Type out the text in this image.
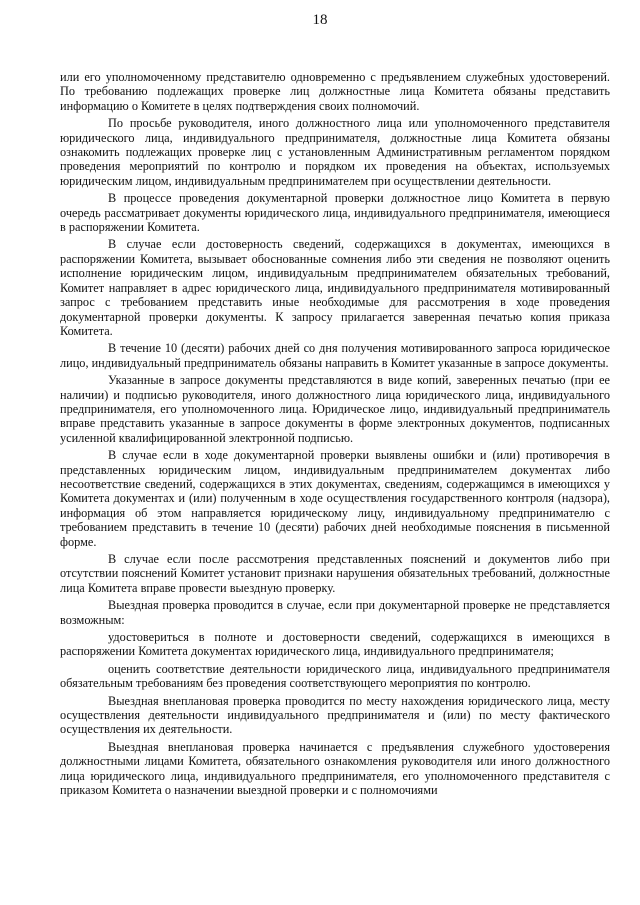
18

или его уполномоченному представителю одновременно с предъявлением служебных удостоверений. По требованию подлежащих проверке лиц должностные лица Комитета обязаны представить информацию о Комитете в целях подтверждения своих полномочий.

По просьбе руководителя, иного должностного лица или уполномоченного представителя юридического лица, индивидуального предпринимателя, должностные лица Комитета обязаны ознакомить подлежащих проверке лиц с установленным Административным регламентом порядком проведения мероприятий по контролю и порядком их проведения на объектах, используемых юридическим лицом, индивидуальным предпринимателем при осуществлении деятельности.

В процессе проведения документарной проверки должностное лицо Комитета в первую очередь рассматривает документы юридического лица, индивидуального предпринимателя, имеющиеся в распоряжении Комитета.

В случае если достоверность сведений, содержащихся в документах, имеющихся в распоряжении Комитета, вызывает обоснованные сомнения либо эти сведения не позволяют оценить исполнение юридическим лицом, индивидуальным предпринимателем обязательных требований, Комитет направляет в адрес юридического лица, индивидуального предпринимателя мотивированный запрос с требованием представить иные необходимые для рассмотрения в ходе проведения документарной проверки документы. К запросу прилагается заверенная печатью копия приказа Комитета.

В течение 10 (десяти) рабочих дней со дня получения мотивированного запроса юридическое лицо, индивидуальный предприниматель обязаны направить в Комитет указанные в запросе документы.

Указанные в запросе документы представляются в виде копий, заверенных печатью (при ее наличии) и подписью руководителя, иного должностного лица юридического лица, индивидуального предпринимателя, его уполномоченного лица. Юридическое лицо, индивидуальный предприниматель вправе представить указанные в запросе документы в форме электронных документов, подписанных усиленной квалифицированной электронной подписью.

В случае если в ходе документарной проверки выявлены ошибки и (или) противоречия в представленных юридическим лицом, индивидуальным предпринимателем документах либо несоответствие сведений, содержащихся в этих документах, сведениям, содержащимся в имеющихся у Комитета документах и (или) полученным в ходе осуществления государственного контроля (надзора), информация об этом направляется юридическому лицу, индивидуальному предпринимателю с требованием представить в течение 10 (десяти) рабочих дней необходимые пояснения в письменной форме.

В случае если после рассмотрения представленных пояснений и документов либо при отсутствии пояснений Комитет установит признаки нарушения обязательных требований, должностные лица Комитета вправе провести выездную проверку.

Выездная проверка проводится в случае, если при документарной проверке не представляется возможным:

удостовериться в полноте и достоверности сведений, содержащихся в имеющихся в распоряжении Комитета документах юридического лица, индивидуального предпринимателя;

оценить соответствие деятельности юридического лица, индивидуального предпринимателя обязательным требованиям без проведения соответствующего мероприятия по контролю.

Выездная внеплановая проверка проводится по месту нахождения юридического лица, месту осуществления деятельности индивидуального предпринимателя и (или) по месту фактического осуществления их деятельности.

Выездная внеплановая проверка начинается с предъявления служебного удостоверения должностными лицами Комитета, обязательного ознакомления руководителя или иного должностного лица юридического лица, индивидуального предпринимателя, его уполномоченного представителя с приказом Комитета о назначении выездной проверки и с полномочиями
